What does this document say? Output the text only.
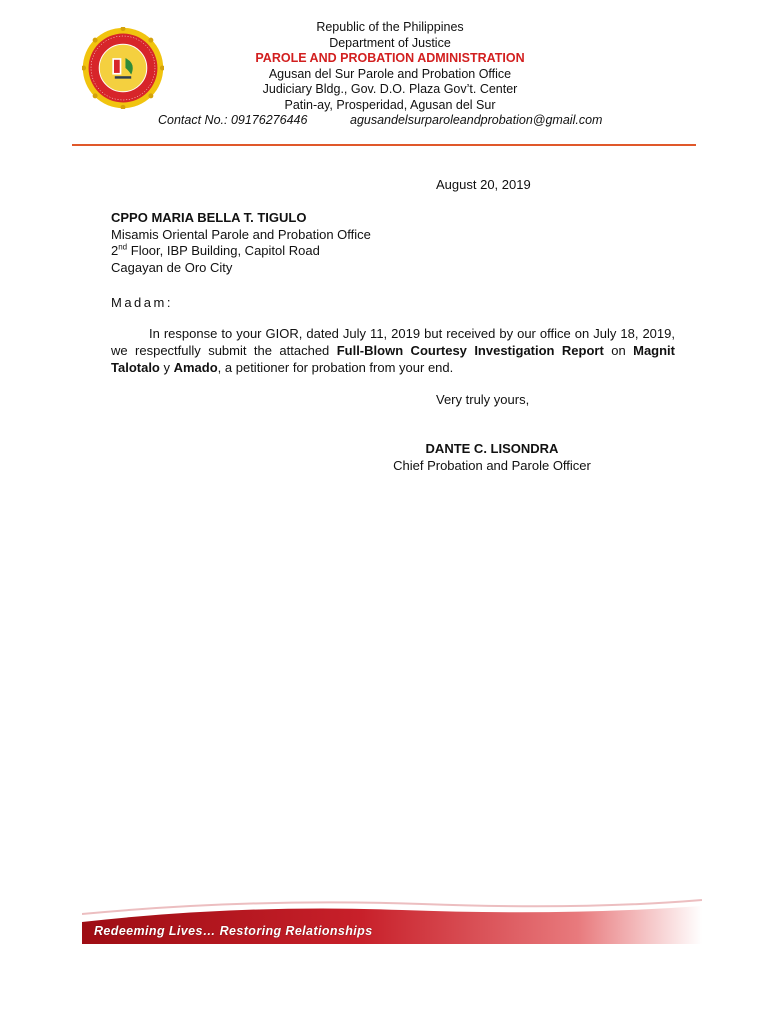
Republic of the Philippines
Department of Justice
PAROLE AND PROBATION ADMINISTRATION
Agusan del Sur Parole and Probation Office
Judiciary Bldg., Gov. D.O. Plaza Gov’t. Center
Patin-ay, Prosperidad, Agusan del Sur
Contact No.: 09176276446	agusandelsurparoleandprobation@gmail.com
August 20, 2019
CPPO MARIA BELLA T. TIGULO
Misamis Oriental Parole and Probation Office
2nd Floor, IBP Building, Capitol Road
Cagayan de Oro City
Madam:
In response to your GIOR, dated July 11, 2019 but received by our office on July 18, 2019, we respectfully submit the attached Full-Blown Courtesy Investigation Report on Magnit Talotalo y Amado, a petitioner for probation from your end.
Very truly yours,
DANTE C. LISONDRA
Chief Probation and Parole Officer
Redeeming Lives… Restoring Relationships
